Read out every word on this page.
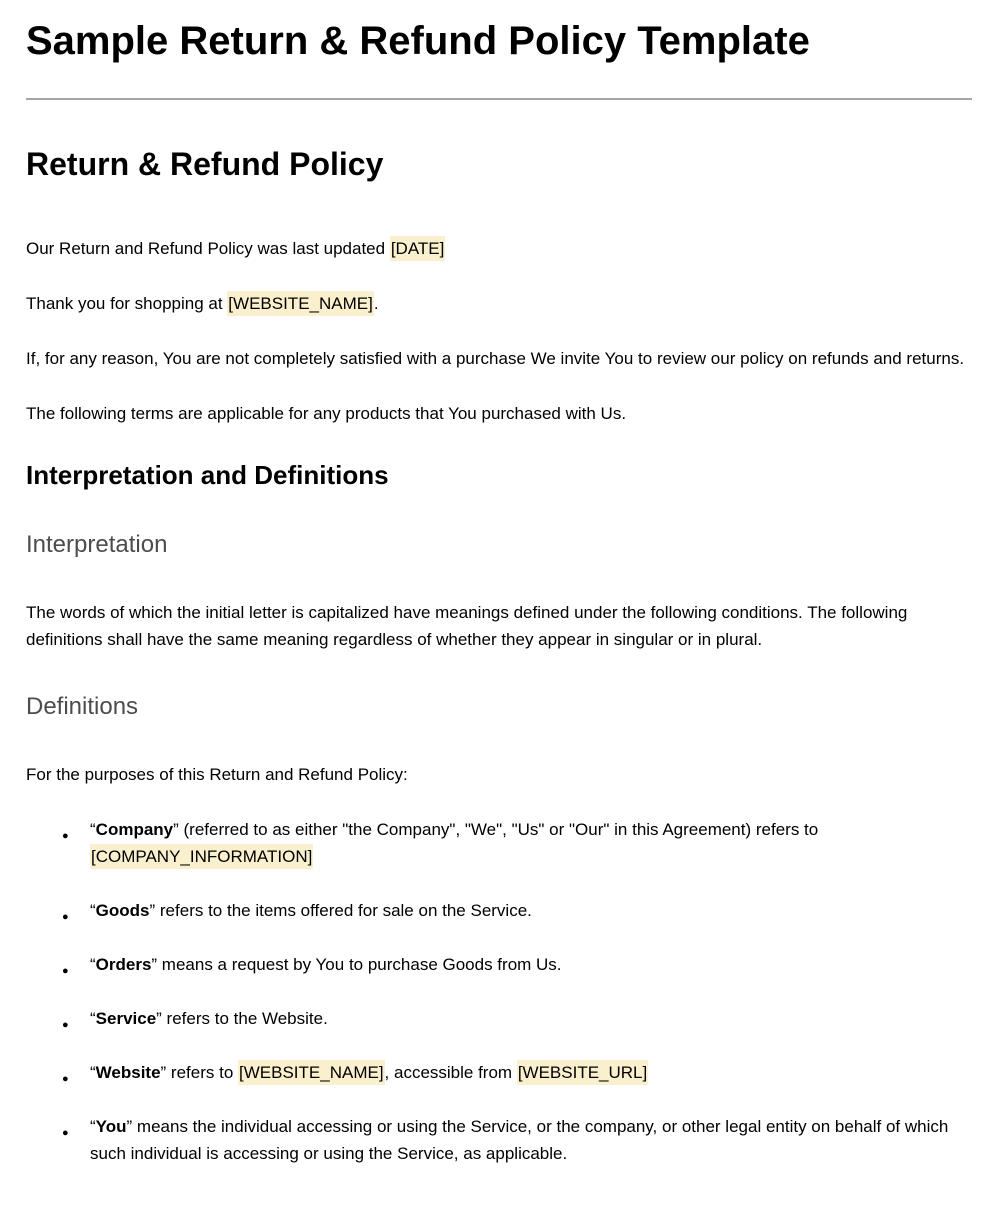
Sample Return & Refund Policy Template
Return & Refund Policy

Our Return and Refund Policy was last updated [DATE]

Thank you for shopping at [WEBSITE_NAME].

If, for any reason, You are not completely satisfied with a purchase We invite You to review our policy on refunds and returns.

The following terms are applicable for any products that You purchased with Us.

Interpretation and Definitions
Interpretation

The words of which the initial letter is capitalized have meanings defined under the following conditions. The following definitions shall have the same meaning regardless of whether they appear in singular or in plural.

Definitions

For the purposes of this Return and Refund Policy:

● “Company” (referred to as either "the Company", "We", "Us" or "Our" in this Agreement) refers to [COMPANY_INFORMATION]
● “Goods” refers to the items offered for sale on the Service.
● “Orders” means a request by You to purchase Goods from Us.
● “Service” refers to the Website.
● “Website” refers to [WEBSITE_NAME], accessible from [WEBSITE_URL]
● “You” means the individual accessing or using the Service, or the company, or other legal entity on behalf of which such individual is accessing or using the Service, as applicable.
